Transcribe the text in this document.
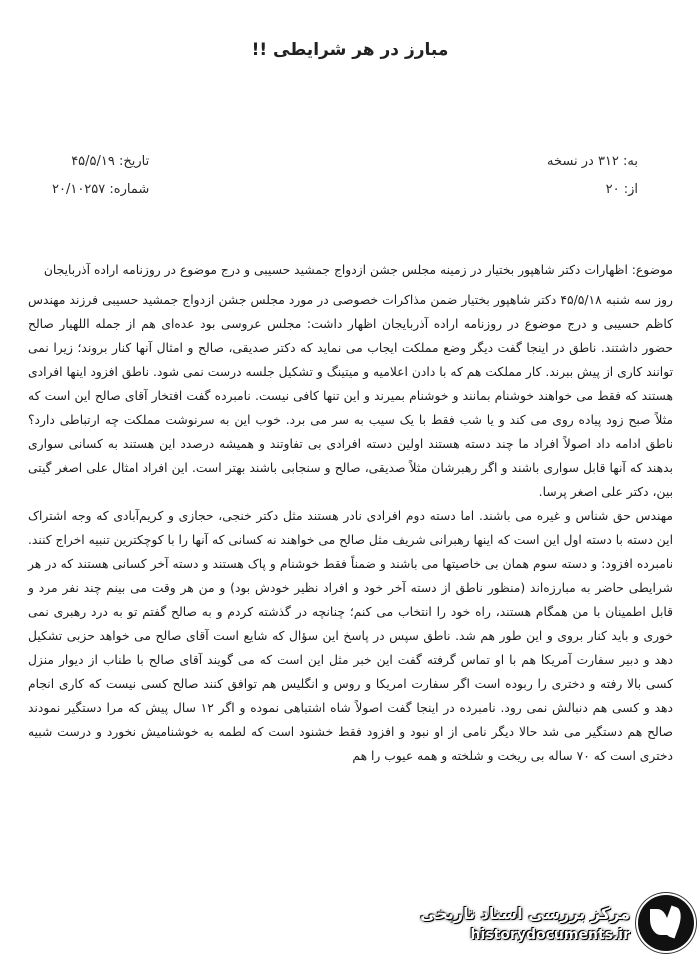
مبارز در هر شرایطی !!
به: ۳۱۲ در نسخه
از: ۲۰
تاریخ: ۴۵/۵/۱۹
شماره: ۲۰/۱۰۲۵۷

موضوع: اظهارات دکتر شاهپور بختیار در زمینه مجلس جشن ازدواج جمشید حسیبی و درج موضوع در روزنامه اراده آذربایجان

روز سه شنبه ۴۵/۵/۱۸ دکتر شاهپور بختیار ضمن مذاکرات خصوصی در مورد مجلس جشن ازدواج جمشید حسیبی فرزند مهندس کاظم حسیبی و درج موضوع در روزنامه اراده آذربایجان اظهار داشت: مجلس عروسی بود عده‌ای هم از جمله اللهیار صالح حضور داشتند. ناطق در اینجا گفت دیگر وضع مملکت ایجاب می نماید که دکتر صدیقی، صالح و امثال آنها کنار بروند؛ زیرا نمی توانند کاری از پیش ببرند. کار مملکت هم که با دادن اعلامیه و میتینگ و تشکیل جلسه درست نمی شود. ناطق افزود اینها افرادی هستند که فقط می خواهند خوشنام بمانند و خوشنام بمیرند و این تنها کافی نیست. نامبرده گفت افتخار آقای صالح این است که مثلاً صبح زود پیاده روی می کند و یا شب فقط با یک سیب به سر می برد. خوب این به سرنوشت مملکت چه ارتباطی دارد؟ ناطق ادامه داد اصولاً افراد ما چند دسته هستند اولین دسته افرادی بی تفاوتند و همیشه درصدد این هستند به کسانی سواری بدهند که آنها قابل سواری باشند و اگر رهبرشان مثلاً صدیقی، صالح و سنجابی باشند بهتر است. این افراد امثال علی اصغر گیتی بین، دکتر علی اصغر پرسا.

مهندس حق شناس و غیره می باشند. اما دسته دوم افرادی نادر هستند مثل دکتر خنجی، حجازی و کریم‌آبادی که وجه اشتراک این دسته با دسته اول این است که اینها رهبرانی شریف مثل صالح می خواهند نه کسانی که آنها را با کوچکترین تنبیه اخراج کنند. نامبرده افزود: و دسته سوم همان بی خاصیتها می باشند و ضمناً فقط خوشنام و پاک هستند و دسته آخر کسانی هستند که در هر شرایطی حاضر به مبارزه‌اند (منظور ناطق از دسته آخر خود و افراد نظیر خودش بود) و من هر وقت می بینم چند نفر مرد و قابل اطمینان با من همگام هستند، راه خود را انتخاب می کنم؛ چنانچه در گذشته کردم و به صالح گفتم تو به درد رهبری نمی خوری و باید کنار بروی و این طور هم شد. ناطق سپس در پاسخ این سؤال که شایع است آقای صالح می خواهد حزبی تشکیل دهد و دبیر سفارت آمریکا هم با او تماس گرفته گفت این خبر مثل این است که می گویند آقای صالح با طناب از دیوار منزل کسی بالا رفته و دختری را ربوده است اگر سفارت امریکا و روس و انگلیس هم توافق کنند صالح کسی نیست که کاری انجام دهد و کسی هم دنبالش نمی رود. نامبرده در اینجا گفت اصولاً شاه اشتباهی نموده و اگر ۱۲ سال پیش که مرا دستگیر نمودند صالح هم دستگیر می شد حالا دیگر نامی از او نبود و افزود فقط خشنود است که لطمه به خوشنامیش نخورد و درست شبیه دختری است که ۷۰ ساله بی ریخت و شلخته و همه عیوب را هم

مرکز بررسی اسناد تاریخی
historydocuments.ir
